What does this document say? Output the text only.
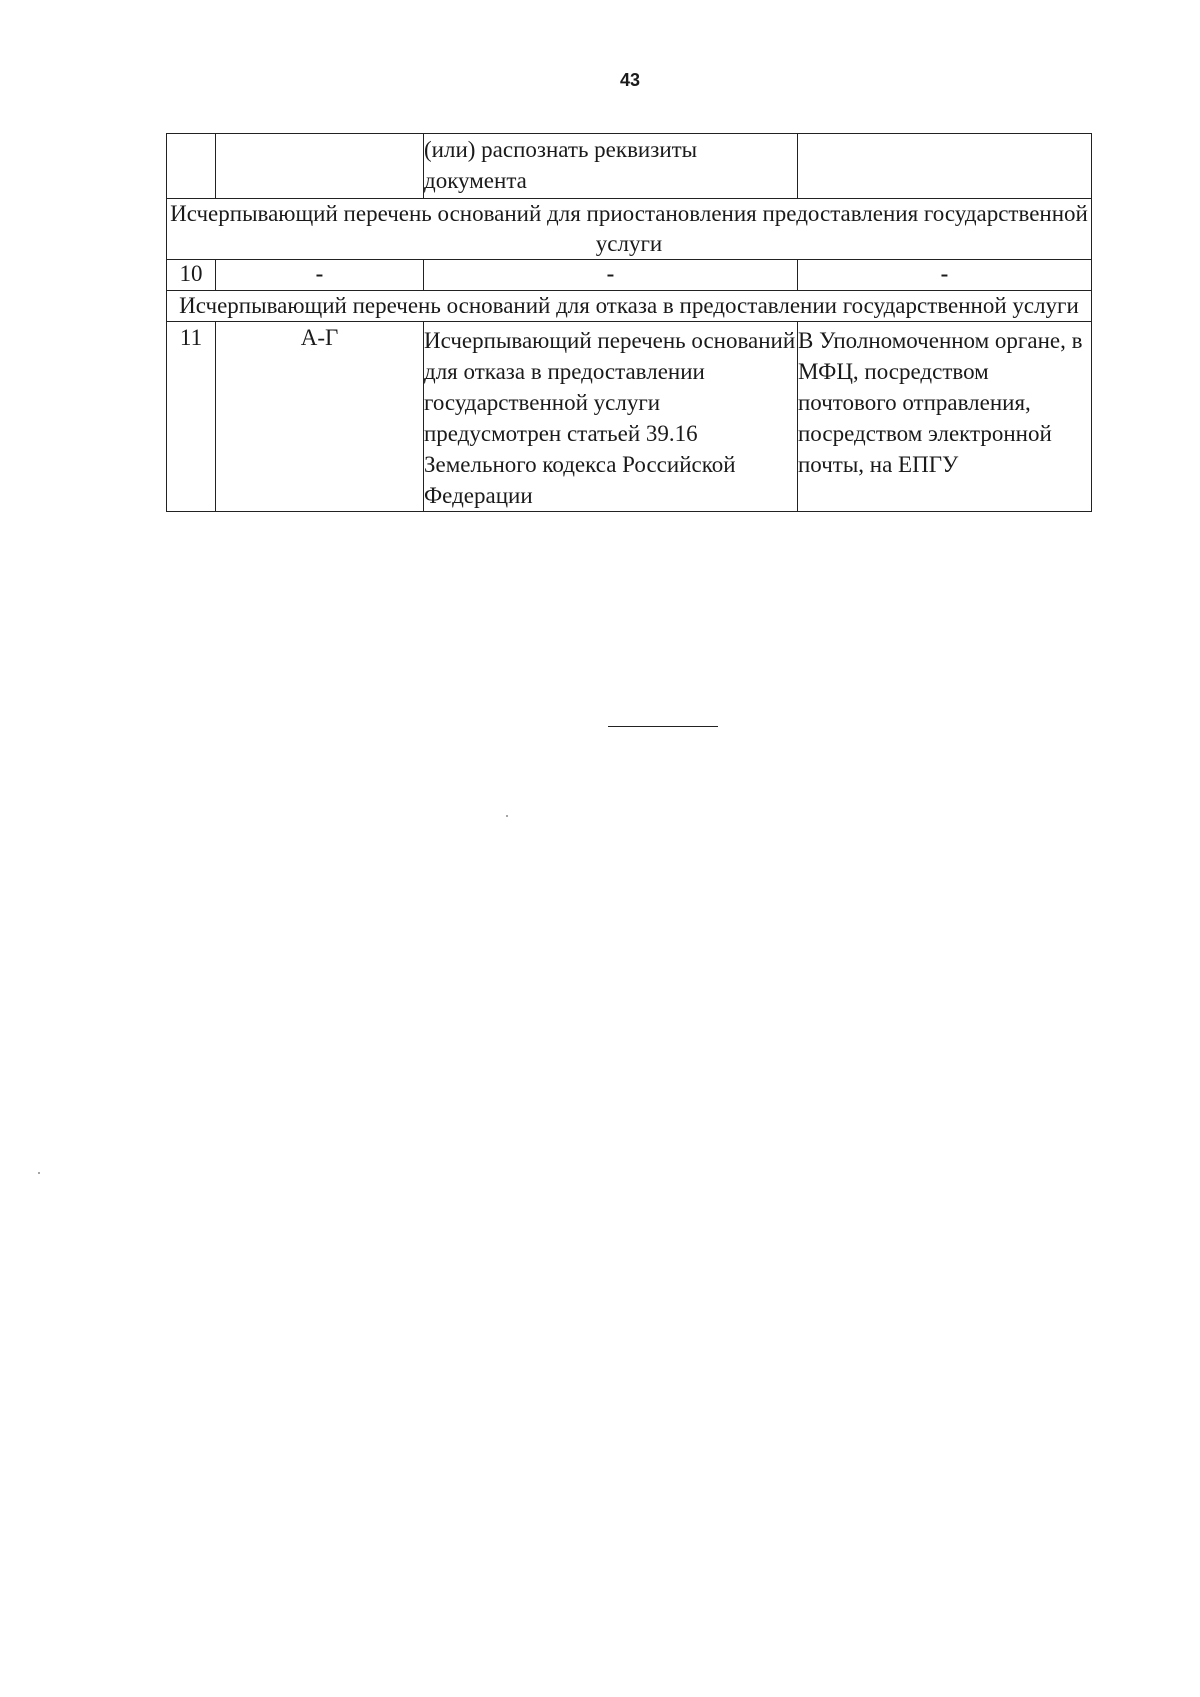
43
		(или) распознать реквизиты документа	
Исчерпывающий перечень оснований для приостановления предоставления государственной услуги			
10	-	-	-
Исчерпывающий перечень оснований для отказа в предоставлении государственной услуги			
11	А-Г	Исчерпывающий перечень оснований для отказа в предоставлении государственной услуги предусмотрен статьей 39.16 Земельного кодекса Российской Федерации	В Уполномоченном органе, в МФЦ, посредством почтового отправления, посредством электронной почты, на ЕПГУ
